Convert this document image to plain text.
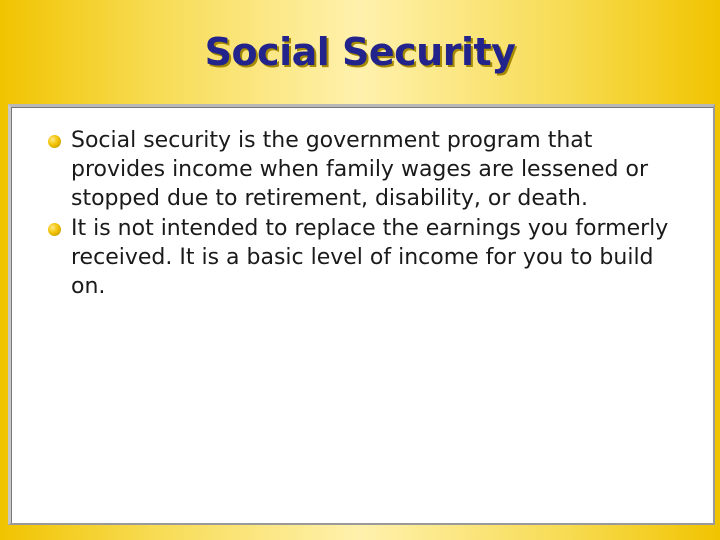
Social Security
Social security is the government program that provides income when family wages are lessened or stopped due to retirement, disability, or death.
It is not intended to replace the earnings you formerly received. It is a basic level of income for you to build on.
